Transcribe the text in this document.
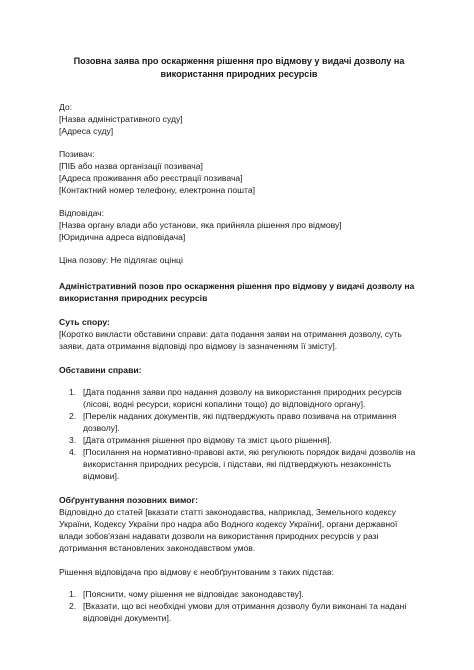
Позовна заява про оскарження рішення про відмову у видачі дозволу на використання природних ресурсів
До:
[Назва адміністративного суду]
[Адреса суду]
Позивач:
[ПІБ або назва організації позивача]
[Адреса проживання або реєстрації позивача]
[Контактний номер телефону, електронна пошта]
Відповідач:
[Назва органу влади або установи, яка прийняла рішення про відмову]
[Юридична адреса відповідача]
Ціна позову: Не підлягає оцінці
Адміністративний позов про оскарження рішення про відмову у видачі дозволу на використання природних ресурсів
Суть спору:

[Коротко викласти обставини справи: дата подання заяви на отримання дозволу, суть заяви, дата отримання відповіді про відмову із зазначенням її змісту].

Обставини справи:
1. [Дата подання заяви про надання дозволу на використання природних ресурсів (лісові, водні ресурси, корисні копалини тощо) до відповідного органу].
2. [Перелік наданих документів, які підтверджують право позивача на отримання дозволу].
3. [Дата отримання рішення про відмову та зміст цього рішення].
4. [Посилання на нормативно-правові акти, які регулюють порядок видачі дозволів на використання природних ресурсів, і підстави, які підтверджують незаконність відмови].
Обґрунтування позовних вимог:

Відповідно до статей [вказати статті законодавства, наприклад, Земельного кодексу України, Кодексу України про надра або Водного кодексу України], органи державної влади зобов'язані надавати дозволи на використання природних ресурсів у разі дотримання встановлених законодавством умов.

Рішення відповідача про відмову є необґрунтованим з таких підстав:

1. [Пояснити, чому рішення не відповідає законодавству].
2. [Вказати, що всі необхідні умови для отримання дозволу були виконані та надані відповідні документи].
